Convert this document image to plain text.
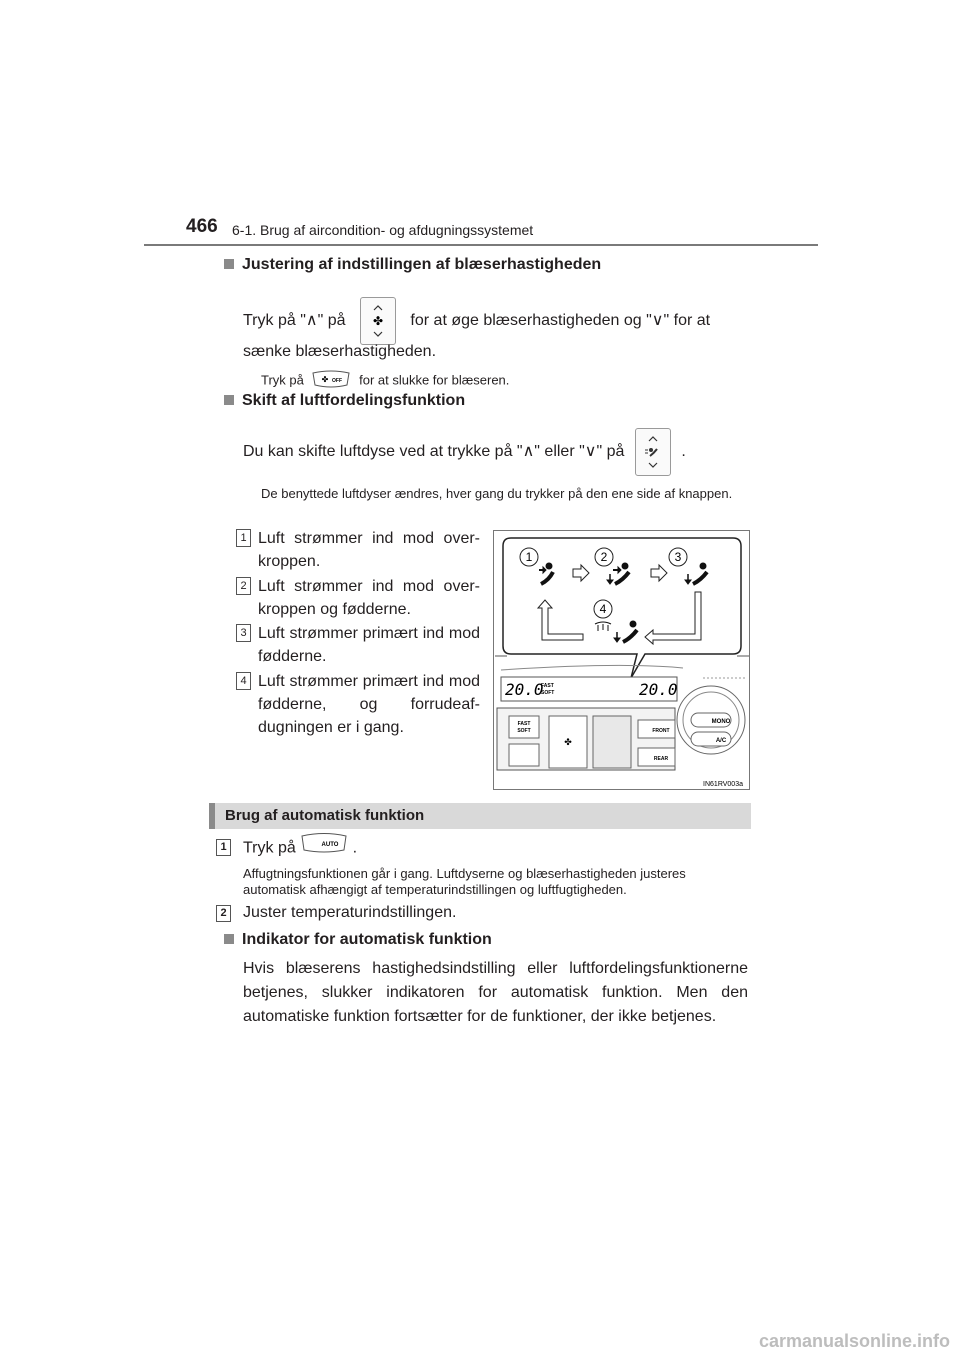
466 6-1. Brug af aircondition- og afdugningssystemet
Justering af indstillingen af blæserhastigheden
Tryk på "∧" på ✤ for at øge blæserhastigheden og "∨" for at
sænke blæserhastigheden.
Tryk på ✤ OFF for at slukke for blæseren.
Skift af luftfordelingsfunktion
Du kan skifte luftdyse ved at trykke på "∧" eller "∨" på	.
De benyttede luftdyser ændres, hver gang du trykker på den ene side af knappen.
1 Luft strømmer ind mod over-kroppen.
2 Luft strømmer ind mod over-kroppen og fødderne.
3 Luft strømmer primært ind mod fødderne.
4 Luft strømmer primært ind mod fødderne, og forrudeaf-dugningen er i gang.
1	2	3
4
20.0
FAST
SOFT	20.0
MONO
A/C
FAST
SOFT
✤
FRONT
REAR
IN61RV003a
Brug af automatisk funktion
1 Tryk på	AUTO .
Affugtningsfunktionen går i gang. Luftdyserne og blæserhastigheden justeres automatisk afhængigt af temperaturindstillingen og luftfugtigheden.
2 Juster temperaturindstillingen.
Indikator for automatisk funktion
Hvis blæserens hastighedsindstilling eller luftfordelingsfunktionerne betjenes, slukker indikatoren for automatisk funktion. Men den automatiske funktion fortsætter for de funktioner, der ikke betjenes.
carmanualsonline.info
